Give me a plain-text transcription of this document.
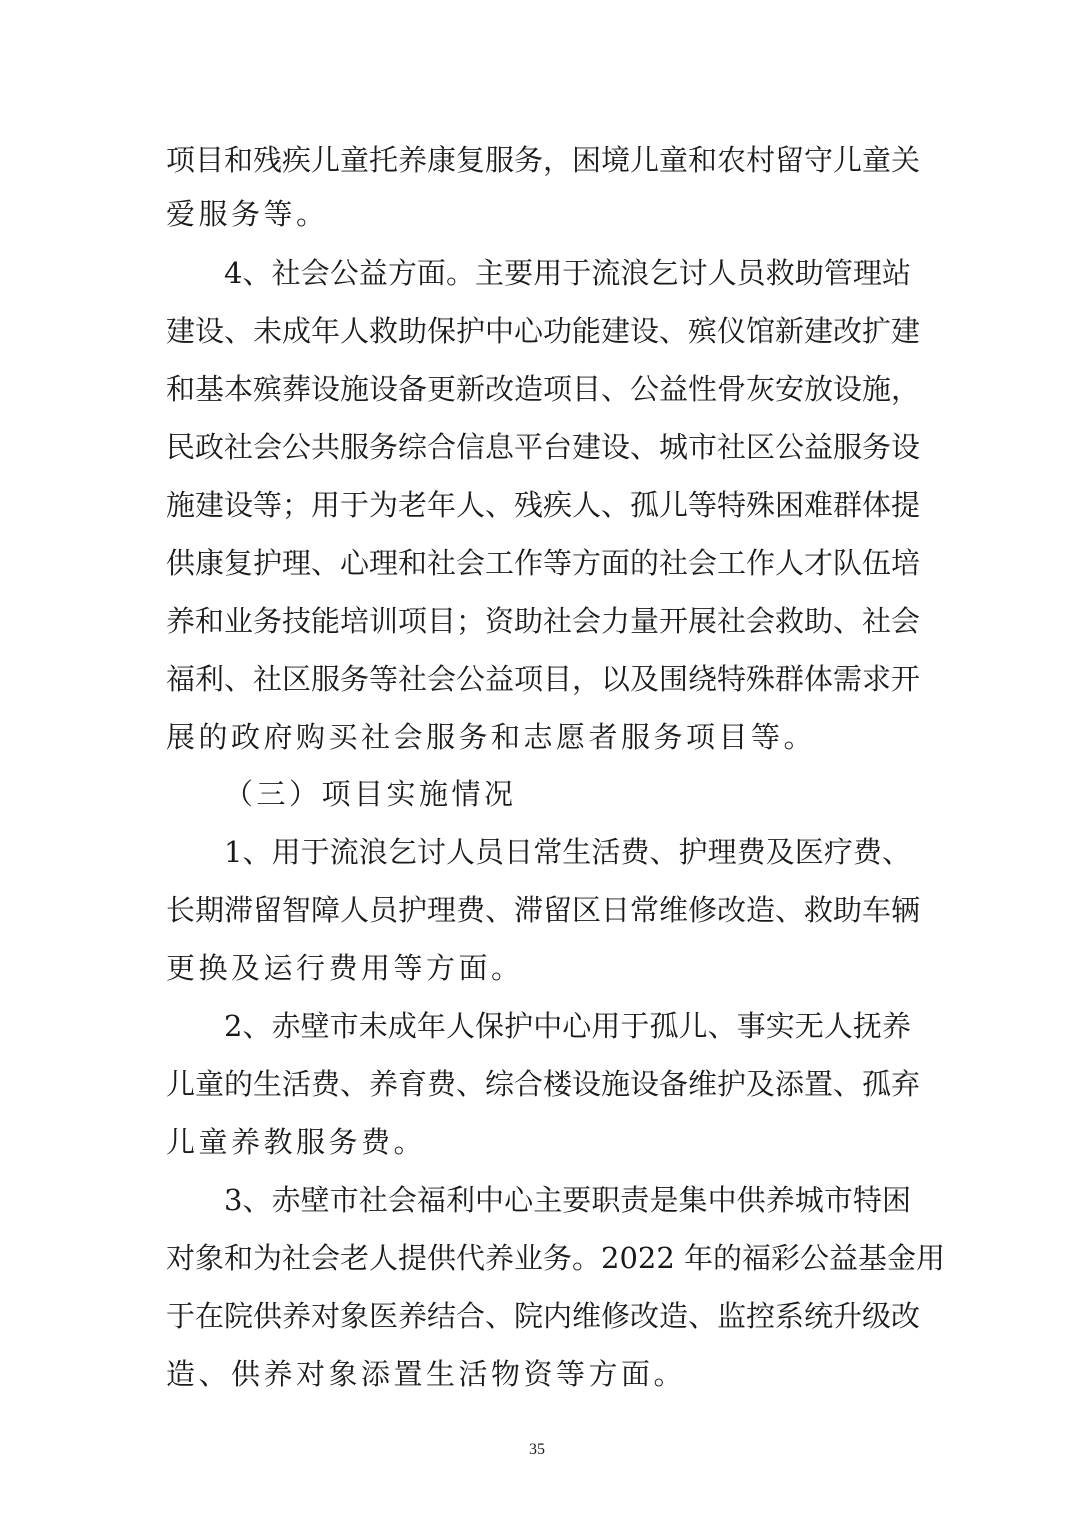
项目和残疾儿童托养康复服务，困境儿童和农村留守儿童关
爱服务等。
4、社会公益方面。主要用于流浪乞讨人员救助管理站
建设、未成年人救助保护中心功能建设、殡仪馆新建改扩建
和基本殡葬设施设备更新改造项目、公益性骨灰安放设施，
民政社会公共服务综合信息平台建设、城市社区公益服务设
施建设等；用于为老年人、残疾人、孤儿等特殊困难群体提
供康复护理、心理和社会工作等方面的社会工作人才队伍培
养和业务技能培训项目；资助社会力量开展社会救助、社会
福利、社区服务等社会公益项目，以及围绕特殊群体需求开
展的政府购买社会服务和志愿者服务项目等。
（三）项目实施情况
1、用于流浪乞讨人员日常生活费、护理费及医疗费、
长期滞留智障人员护理费、滞留区日常维修改造、救助车辆
更换及运行费用等方面。
2、赤壁市未成年人保护中心用于孤儿、事实无人抚养
儿童的生活费、养育费、综合楼设施设备维护及添置、孤弃
儿童养教服务费。
3、赤壁市社会福利中心主要职责是集中供养城市特困
对象和为社会老人提供代养业务。2022 年的福彩公益基金用
于在院供养对象医养结合、院内维修改造、监控系统升级改
造、供养对象添置生活物资等方面。
35
